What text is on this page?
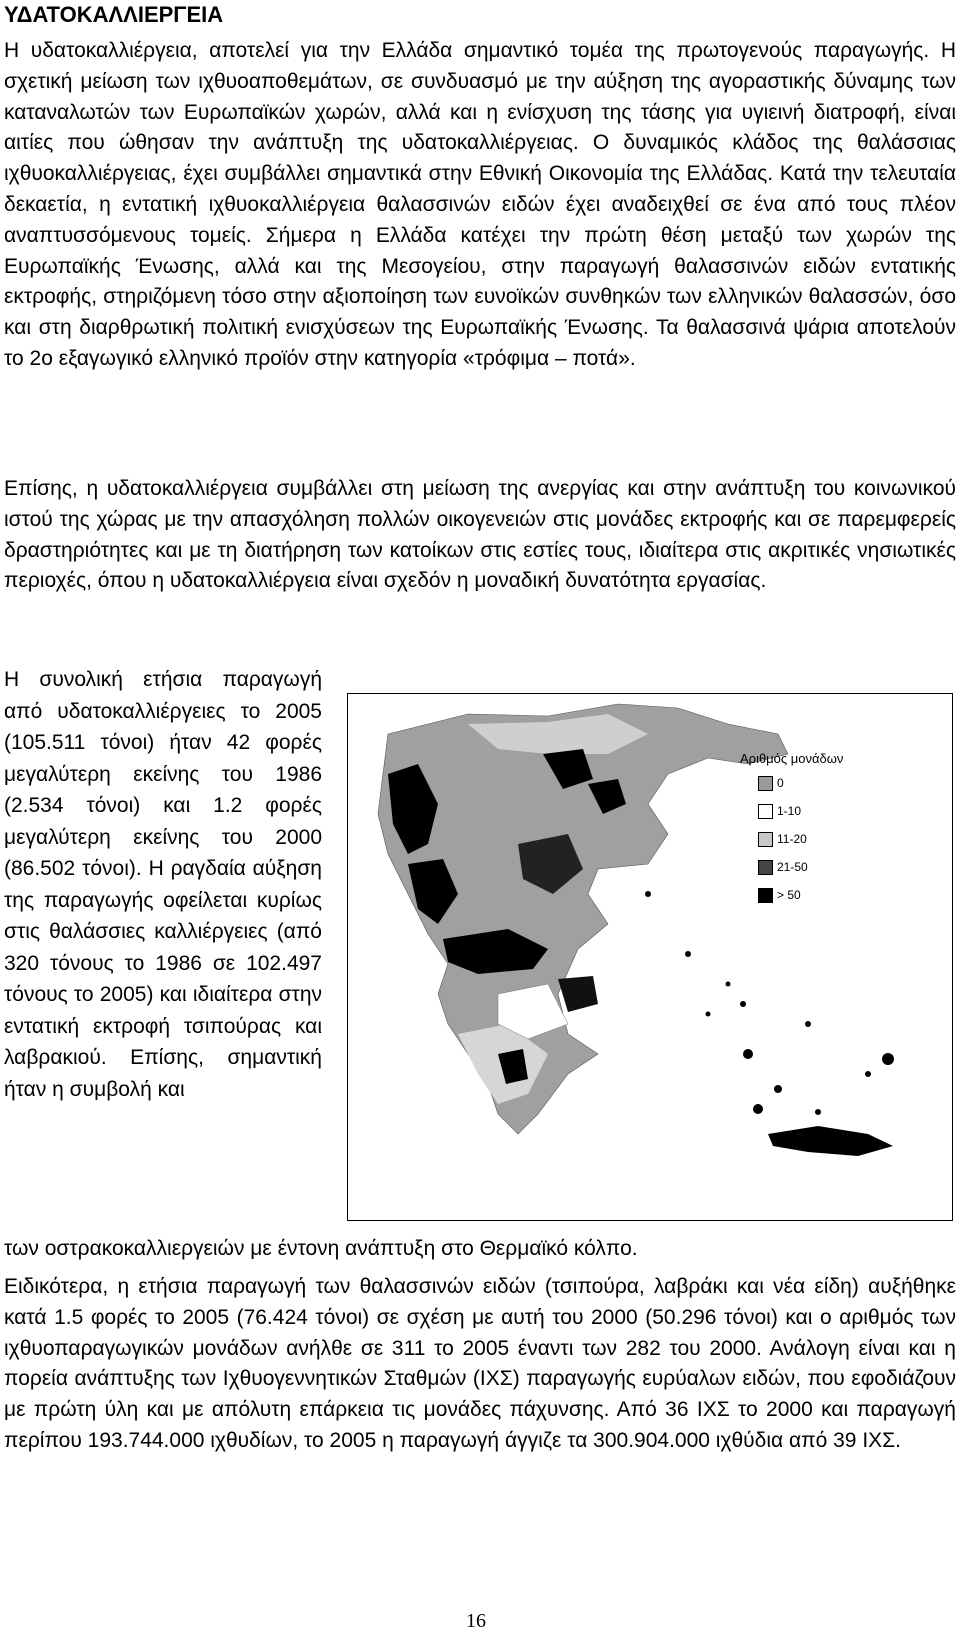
ΥΔΑΤΟΚΑΛΛΙΕΡΓΕΙΑ

Η υδατοκαλλιέργεια, αποτελεί για την Ελλάδα σημαντικό τομέα της πρωτογενούς παραγωγής. Η σχετική μείωση των ιχθυοαποθεμάτων, σε συνδυασμό με την αύξηση της αγοραστικής δύναμης των καταναλωτών των Ευρωπαϊκών χωρών, αλλά και η ενίσχυση της τάσης για υγιεινή διατροφή, είναι αιτίες που ώθησαν την ανάπτυξη της υδατοκαλλιέργειας. Ο δυναμικός κλάδος της θαλάσσιας ιχθυοκαλλιέργειας, έχει συμβάλλει σημαντικά στην Εθνική Οικονομία της Ελλάδας. Κατά την τελευταία δεκαετία, η εντατική ιχθυοκαλλιέργεια θαλασσινών ειδών έχει αναδειχθεί σε ένα από τους πλέον αναπτυσσόμενους τομείς. Σήμερα η Ελλάδα κατέχει την πρώτη θέση μεταξύ των χωρών της Ευρωπαϊκής Ένωσης, αλλά και της Μεσογείου, στην παραγωγή θαλασσινών ειδών εντατικής εκτροφής, στηριζόμενη τόσο στην αξιοποίηση των ευνοϊκών συνθηκών των ελληνικών θαλασσών, όσο και στη διαρθρωτική πολιτική ενισχύσεων της Ευρωπαϊκής Ένωσης. Τα θαλασσινά ψάρια αποτελούν το 2ο εξαγωγικό ελληνικό προϊόν στην κατηγορία «τρόφιμα – ποτά».

Επίσης, η υδατοκαλλιέργεια συμβάλλει στη μείωση της ανεργίας και στην ανάπτυξη του κοινωνικού ιστού της χώρας με την απασχόληση πολλών οικογενειών στις μονάδες εκτροφής και σε παρεμφερείς δραστηριότητες και με τη διατήρηση των κατοίκων στις εστίες τους, ιδιαίτερα στις ακριτικές νησιωτικές περιοχές, όπου η υδατοκαλλιέργεια είναι σχεδόν η μοναδική δυνατότητα εργασίας.

Η συνολική ετήσια παραγωγή από υδατοκαλλιέργειες το 2005 (105.511 τόνοι) ήταν 42 φορές μεγαλύτερη εκείνης του 1986 (2.534 τόνοι) και 1.2 φορές μεγαλύτερη εκείνης του 2000 (86.502 τόνοι). Η ραγδαία αύξηση της παραγωγής οφείλεται κυρίως στις θαλάσσιες καλλιέργειες (από 320 τόνους το 1986 σε 102.497 τόνους το 2005) και ιδιαίτερα στην εντατική εκτροφή τσιπούρας και λαβρακιού. Επίσης, σημαντική ήταν η συμβολή και

των οστρακοκαλλιεργειών με έντονη ανάπτυξη στο Θερμαϊκό κόλπο.

Ειδικότερα, η ετήσια παραγωγή των θαλασσινών ειδών (τσιπούρα, λαβράκι και νέα είδη) αυξήθηκε κατά 1.5 φορές το 2005 (76.424 τόνοι) σε σχέση με αυτή του 2000 (50.296 τόνοι) και ο αριθμός των ιχθυοπαραγωγικών μονάδων ανήλθε σε 311 το 2005 έναντι των 282 του 2000. Ανάλογη είναι και η πορεία ανάπτυξης των Ιχθυογεννητικών Σταθμών (ΙΧΣ) παραγωγής ευρύαλων ειδών, που εφοδιάζουν με πρώτη ύλη και με απόλυτη επάρκεια τις μονάδες πάχυνσης. Από 36 ΙΧΣ το 2000 και παραγωγή περίπου 193.744.000 ιχθυδίων, το 2005 η παραγωγή άγγιζε τα 300.904.000 ιχθύδια από 39 ΙΧΣ.

Αριθμός μονάδων
0
1-10
11-20
21-50
> 50
16
